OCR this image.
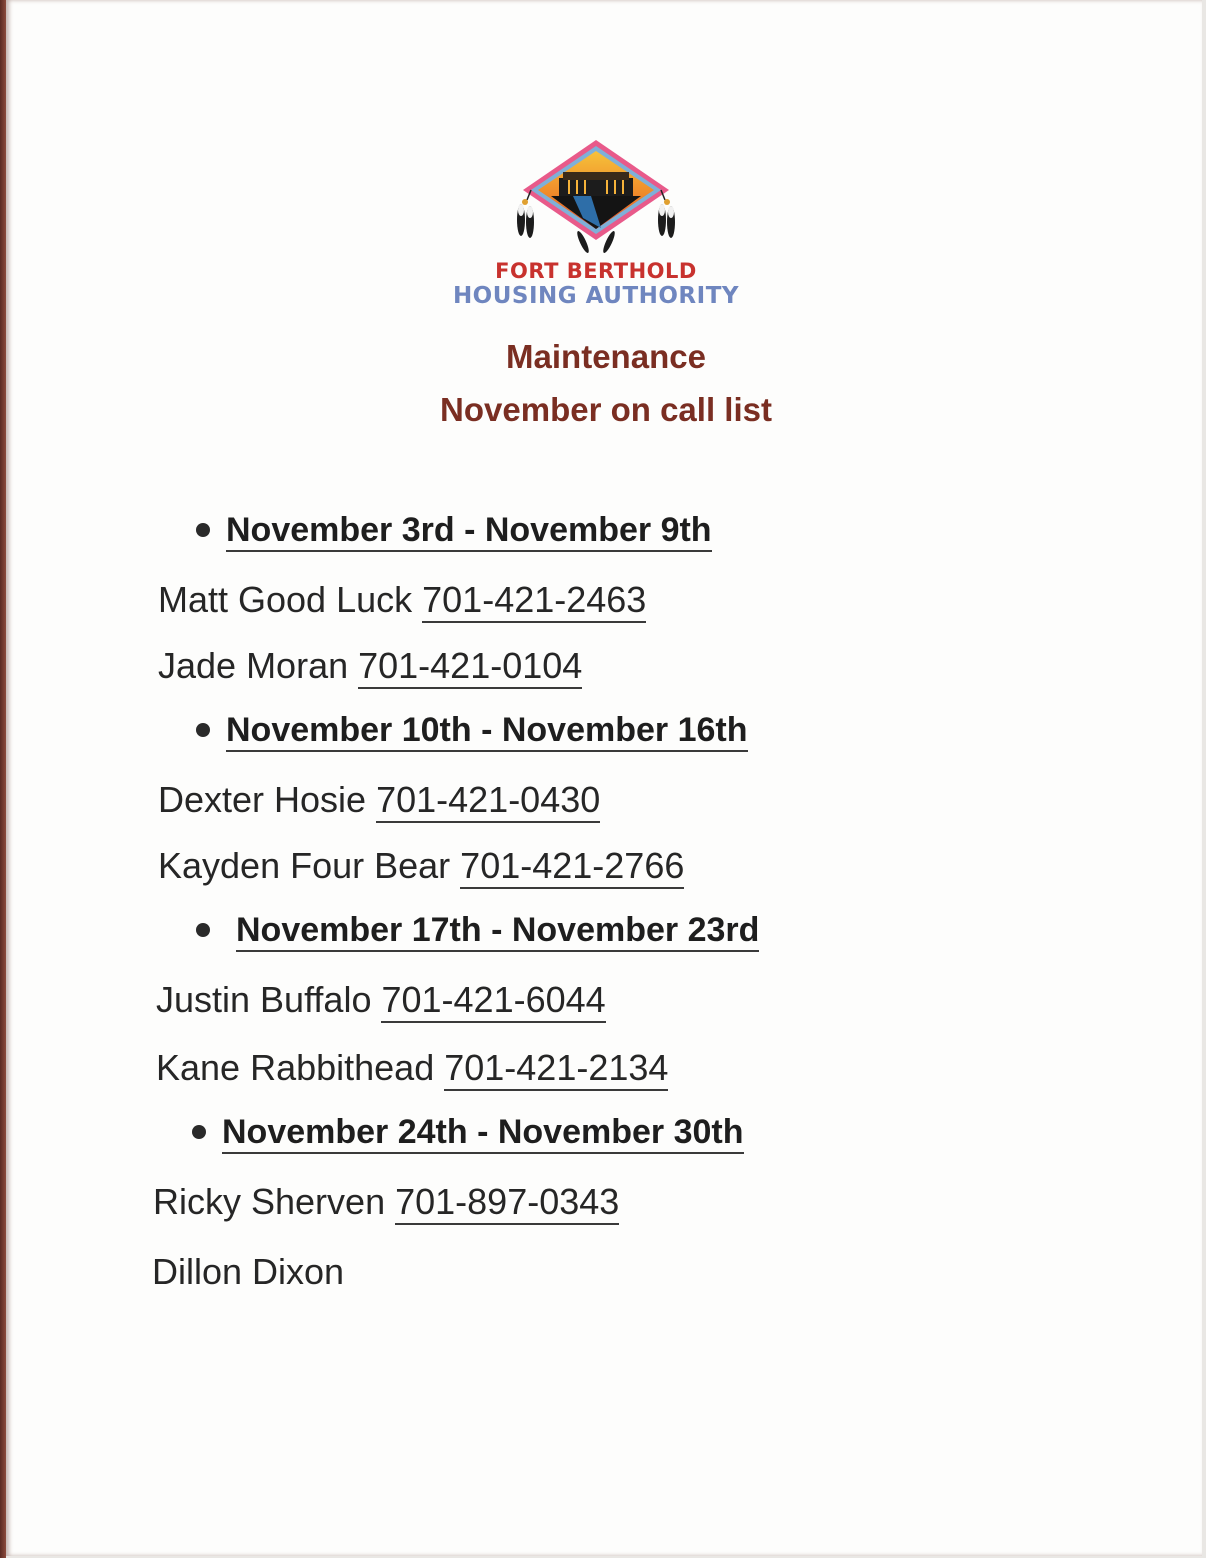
FORT BERTHOLD
HOUSING AUTHORITY
Maintenance
November on call list
November 3rd - November 9th
Matt Good Luck 701-421-2463
Jade Moran 701-421-0104
November 10th - November 16th
Dexter Hosie 701-421-0430
Kayden Four Bear 701-421-2766
November 17th - November 23rd
Justin Buffalo 701-421-6044
Kane Rabbithead 701-421-2134
November 24th - November 30th
Ricky Sherven 701-897-0343
Dillon Dixon
